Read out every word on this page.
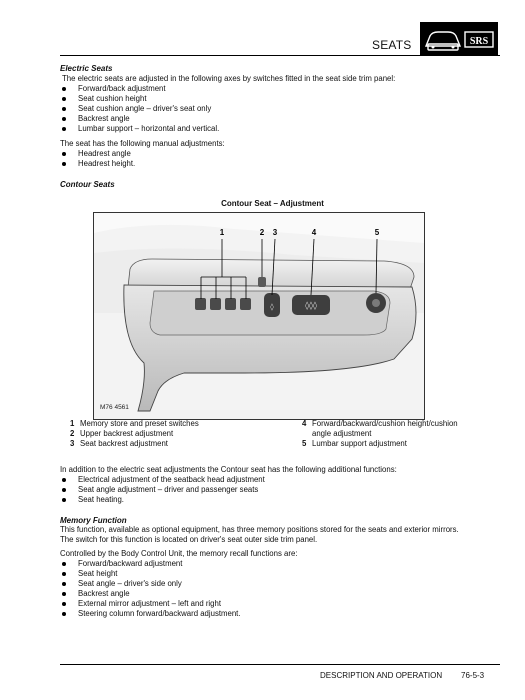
SEATS	SRS
Electric Seats
The electric seats are adjusted in the following axes by switches fitted in the seat side trim panel:
Forward/back adjustment
Seat cushion height
Seat cushion angle – driver's seat only
Backrest angle
Lumbar support – horizontal and vertical.
The seat has the following manual adjustments:
Headrest angle
Headrest height.
Contour Seats
Contour Seat – Adjustment
◊	◊◊◊
1	2 3	4	5
M76 4561
1 Memory store and preset switches
2 Upper backrest adjustment
3 Seat backrest adjustment
4 Forward/backward/cushion height/cushion
angle adjustment
5 Lumbar support adjustment
In addition to the electric seat adjustments the Contour seat has the following additional functions:
Electrical adjustment of the seatback head adjustment
Seat angle adjustment – driver and passenger seats
Seat heating.
Memory Function
This function, available as optional equipment, has three memory positions stored for the seats and exterior mirrors.
The switch for this function is located on driver's seat outer side trim panel.
Controlled by the Body Control Unit, the memory recall functions are:
Forward/backward adjustment
Seat height
Seat angle – driver's side only
Backrest angle
External mirror adjustment – left and right
Steering column forward/backward adjustment.
DESCRIPTION AND OPERATION 76-5-3
